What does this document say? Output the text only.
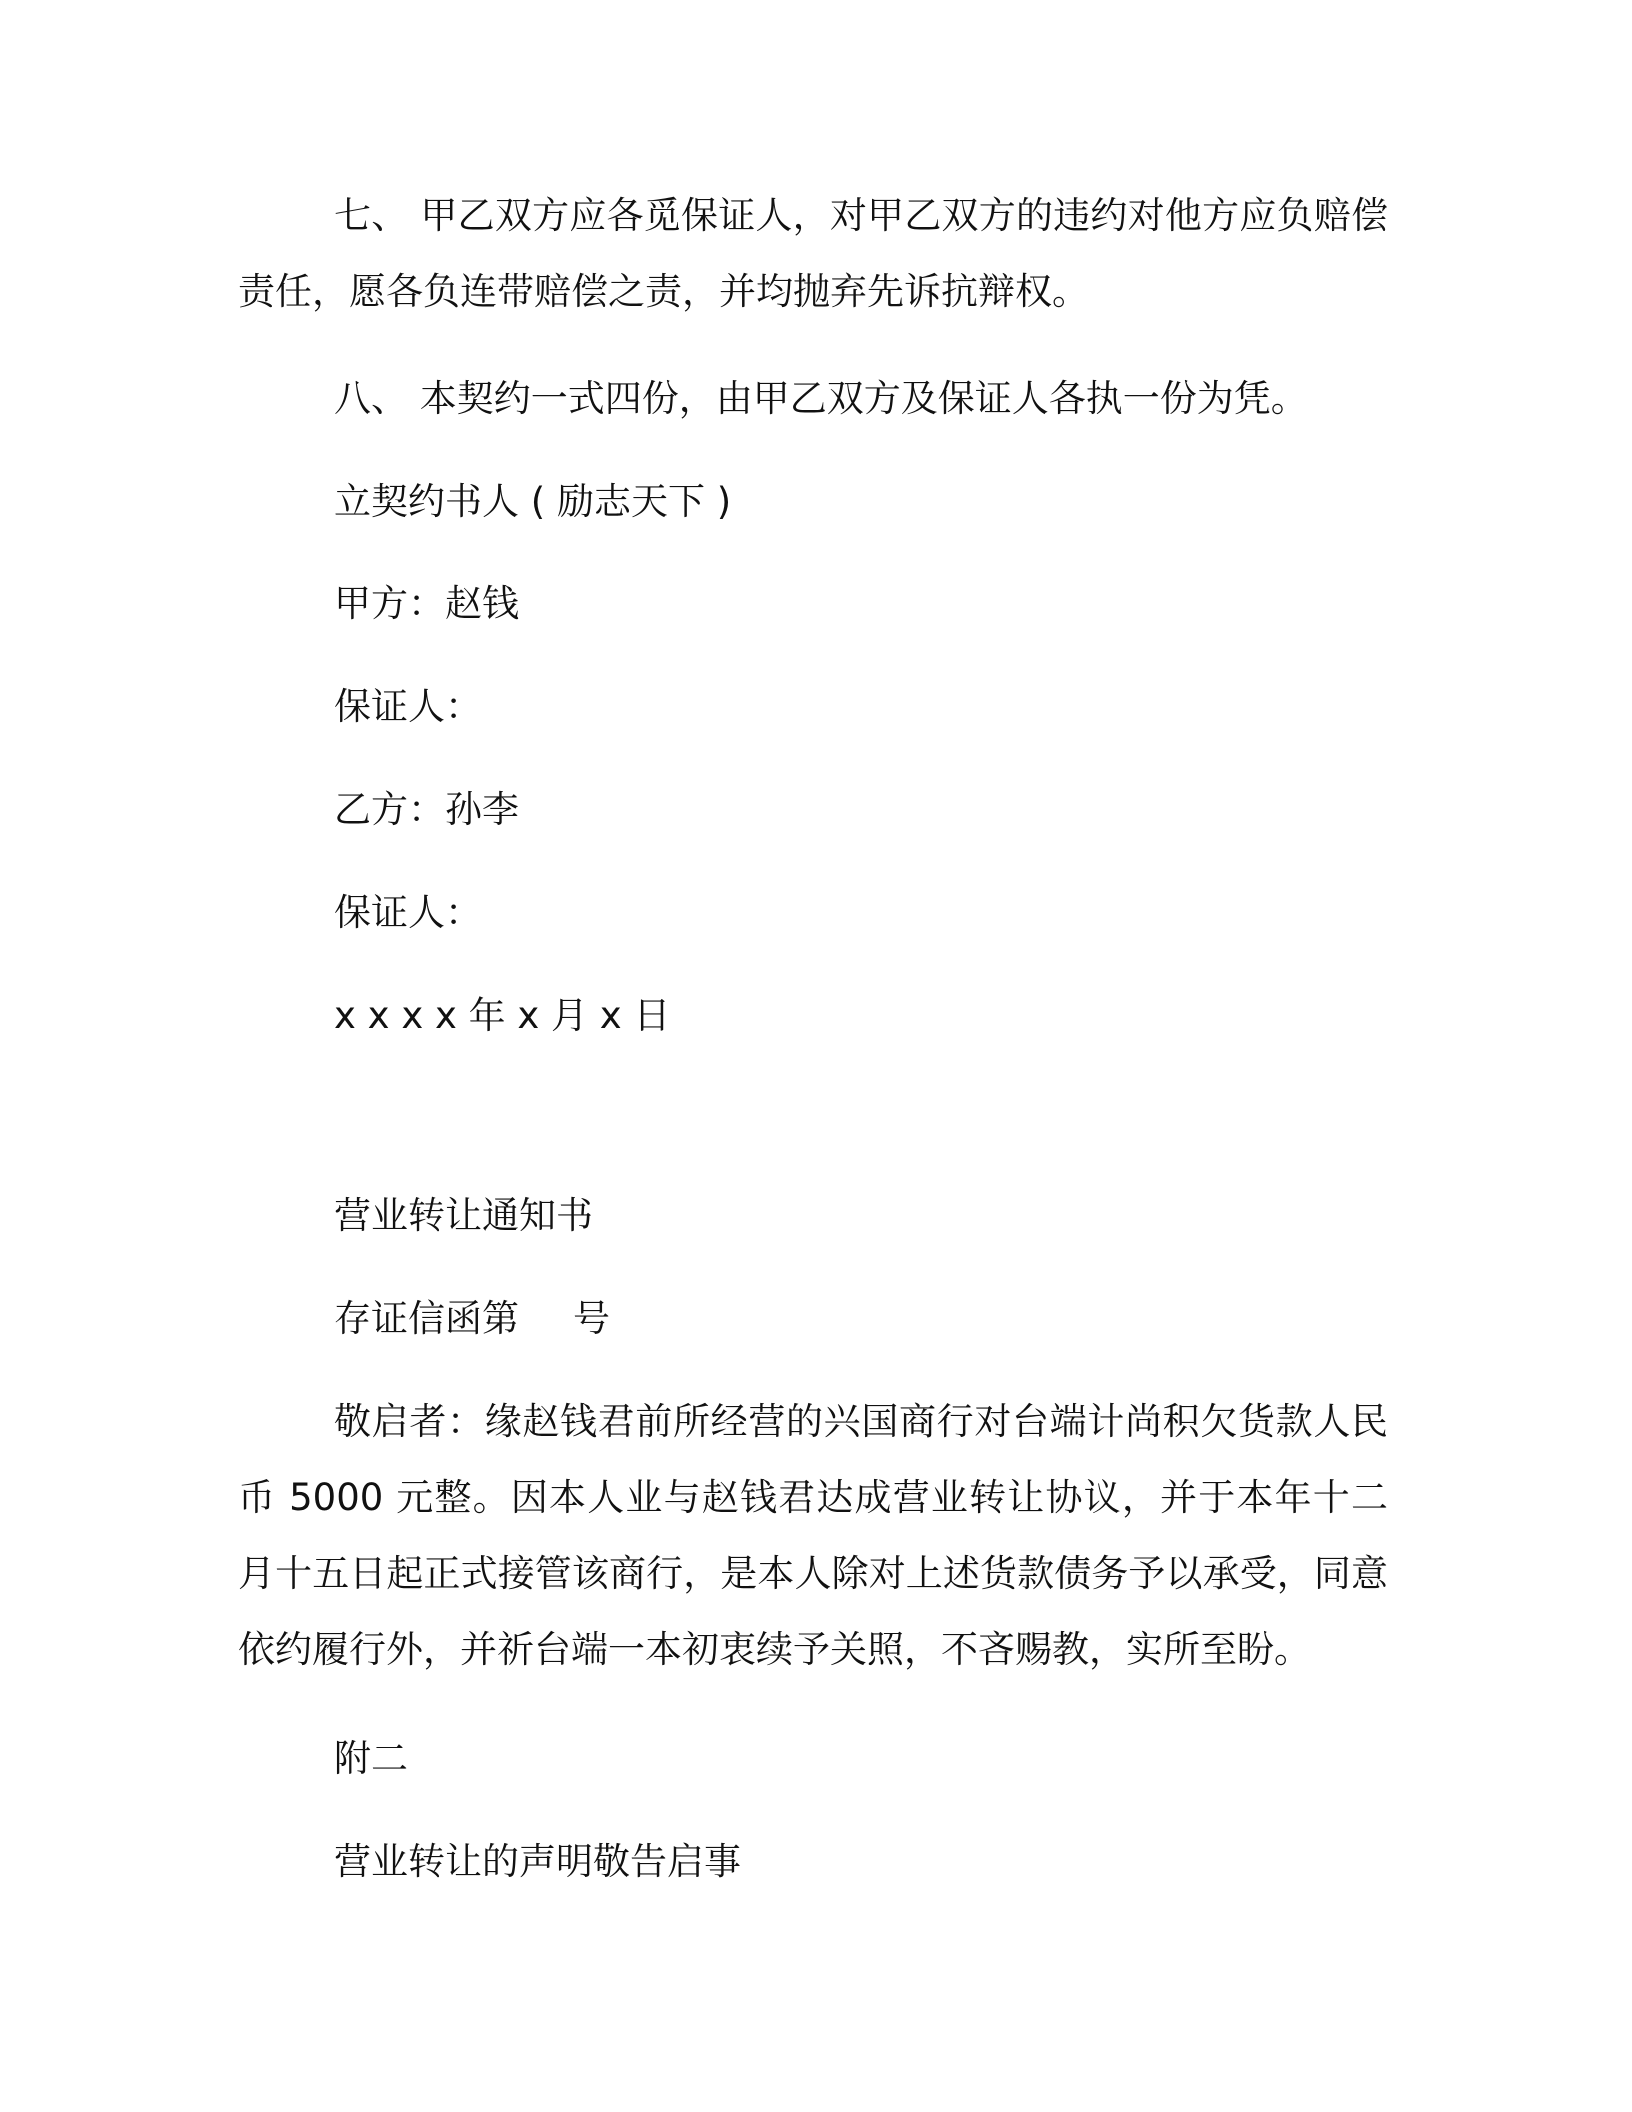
七、 甲乙双方应各觅保证人，对甲乙双方的违约对他方应负赔偿责任，愿各负连带赔偿之责，并均抛弃先诉抗辩权。

八、 本契约一式四份，由甲乙双方及保证人各执一份为凭。

立契约书人 ( 励志天下 )

甲方：赵钱

保证人：

乙方：孙李

保证人：

x x x x 年 x 月 x 日

营业转让通知书

存证信函第 号

敬启者：缘赵钱君前所经营的兴国商行对台端计尚积欠货款人民币 5000 元整。因本人业与赵钱君达成营业转让协议，并于本年十二月十五日起正式接管该商行，是本人除对上述货款债务予以承受，同意依约履行外，并祈台端一本初衷续予关照，不吝赐教，实所至盼。

附二

营业转让的声明敬告启事
